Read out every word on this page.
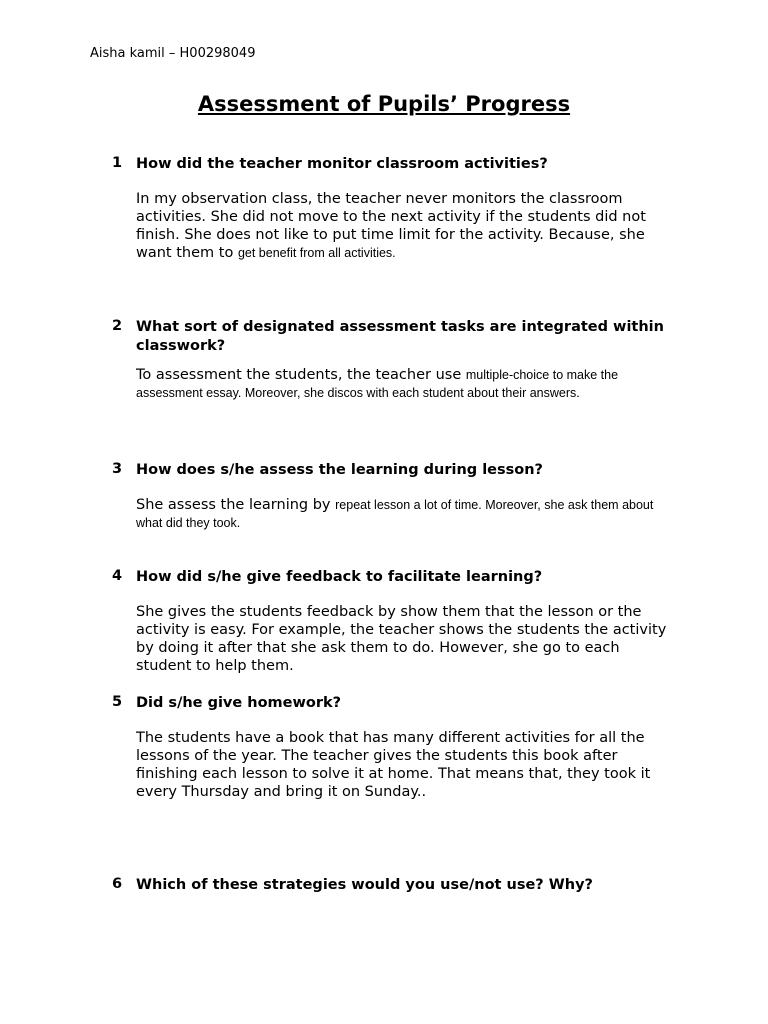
Aisha kamil – H00298049
Assessment of Pupils’ Progress
1 How did the teacher monitor classroom activities?
In my observation class, the teacher never monitors the classroom activities. She did not move to the next activity if the students did not finish. She does not like to put time limit for the activity. Because, she want them to get benefit from all activities.
2 What sort of designated assessment tasks are integrated within classwork?
To assessment the students, the teacher use multiple-choice to make the assessment essay. Moreover, she discos with each student about their answers.
3 How does s/he assess the learning during lesson?
She assess the learning by repeat lesson a lot of time. Moreover, she ask them about what did they took.
4 How did s/he give feedback to facilitate learning?
She gives the students feedback by show them that the lesson or the activity is easy. For example, the teacher shows the students the activity by doing it after that she ask them to do. However, she go to each student to help them.
5 Did s/he give homework?
The students have a book that has many different activities for all the lessons of the year. The teacher gives the students this book after finishing each lesson to solve it at home. That means that, they took it every Thursday and bring it on Sunday..
6 Which of these strategies would you use/not use? Why?
